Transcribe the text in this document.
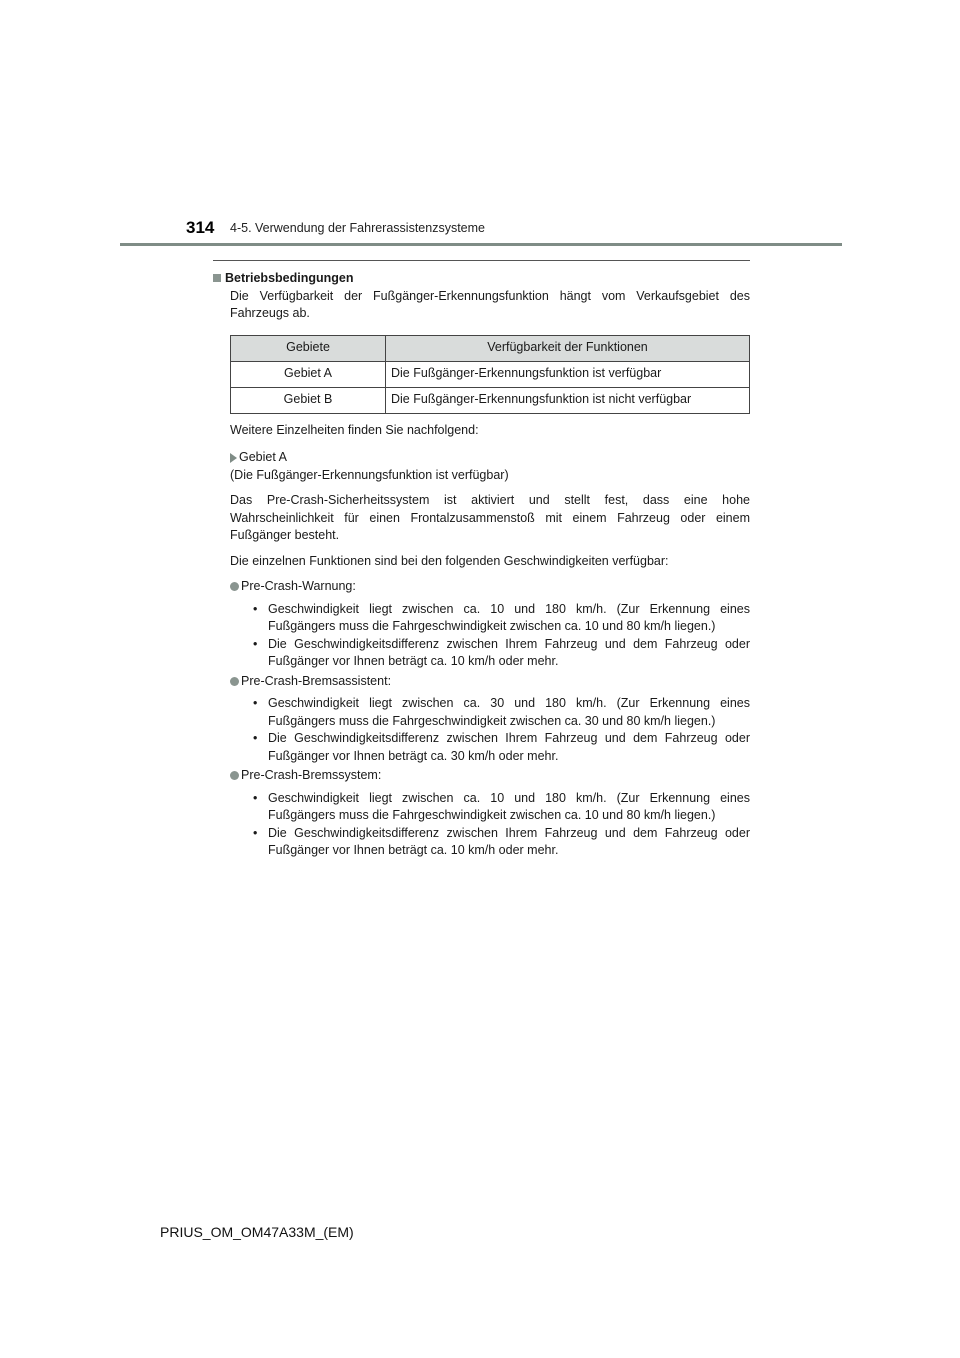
314 4-5. Verwendung der Fahrerassistenzsysteme
Betriebsbedingungen

Die Verfügbarkeit der Fußgänger-Erkennungsfunktion hängt vom Verkaufsgebiet des Fahrzeugs ab.

Gebiete	Verfügbarkeit der Funktionen
Gebiet A	Die Fußgänger-Erkennungsfunktion ist verfügbar
Gebiet B	Die Fußgänger-Erkennungsfunktion ist nicht verfügbar

Weitere Einzelheiten finden Sie nachfolgend:

Gebiet A
(Die Fußgänger-Erkennungsfunktion ist verfügbar)

Das Pre-Crash-Sicherheitssystem ist aktiviert und stellt fest, dass eine hohe Wahrscheinlichkeit für einen Frontalzusammenstoß mit einem Fahrzeug oder einem Fußgänger besteht.

Die einzelnen Funktionen sind bei den folgenden Geschwindigkeiten verfügbar:

Pre-Crash-Warnung:
• Geschwindigkeit liegt zwischen ca. 10 und 180 km/h. (Zur Erkennung eines Fußgängers muss die Fahrgeschwindigkeit zwischen ca. 10 und 80 km/h liegen.)
• Die Geschwindigkeitsdifferenz zwischen Ihrem Fahrzeug und dem Fahrzeug oder Fußgänger vor Ihnen beträgt ca. 10 km/h oder mehr.
Pre-Crash-Bremsassistent:
• Geschwindigkeit liegt zwischen ca. 30 und 180 km/h. (Zur Erkennung eines Fußgängers muss die Fahrgeschwindigkeit zwischen ca. 30 und 80 km/h liegen.)
• Die Geschwindigkeitsdifferenz zwischen Ihrem Fahrzeug und dem Fahrzeug oder Fußgänger vor Ihnen beträgt ca. 30 km/h oder mehr.
Pre-Crash-Bremssystem:
• Geschwindigkeit liegt zwischen ca. 10 und 180 km/h. (Zur Erkennung eines Fußgängers muss die Fahrgeschwindigkeit zwischen ca. 10 und 80 km/h liegen.)
• Die Geschwindigkeitsdifferenz zwischen Ihrem Fahrzeug und dem Fahrzeug oder Fußgänger vor Ihnen beträgt ca. 10 km/h oder mehr.
PRIUS_OM_OM47A33M_(EM)
